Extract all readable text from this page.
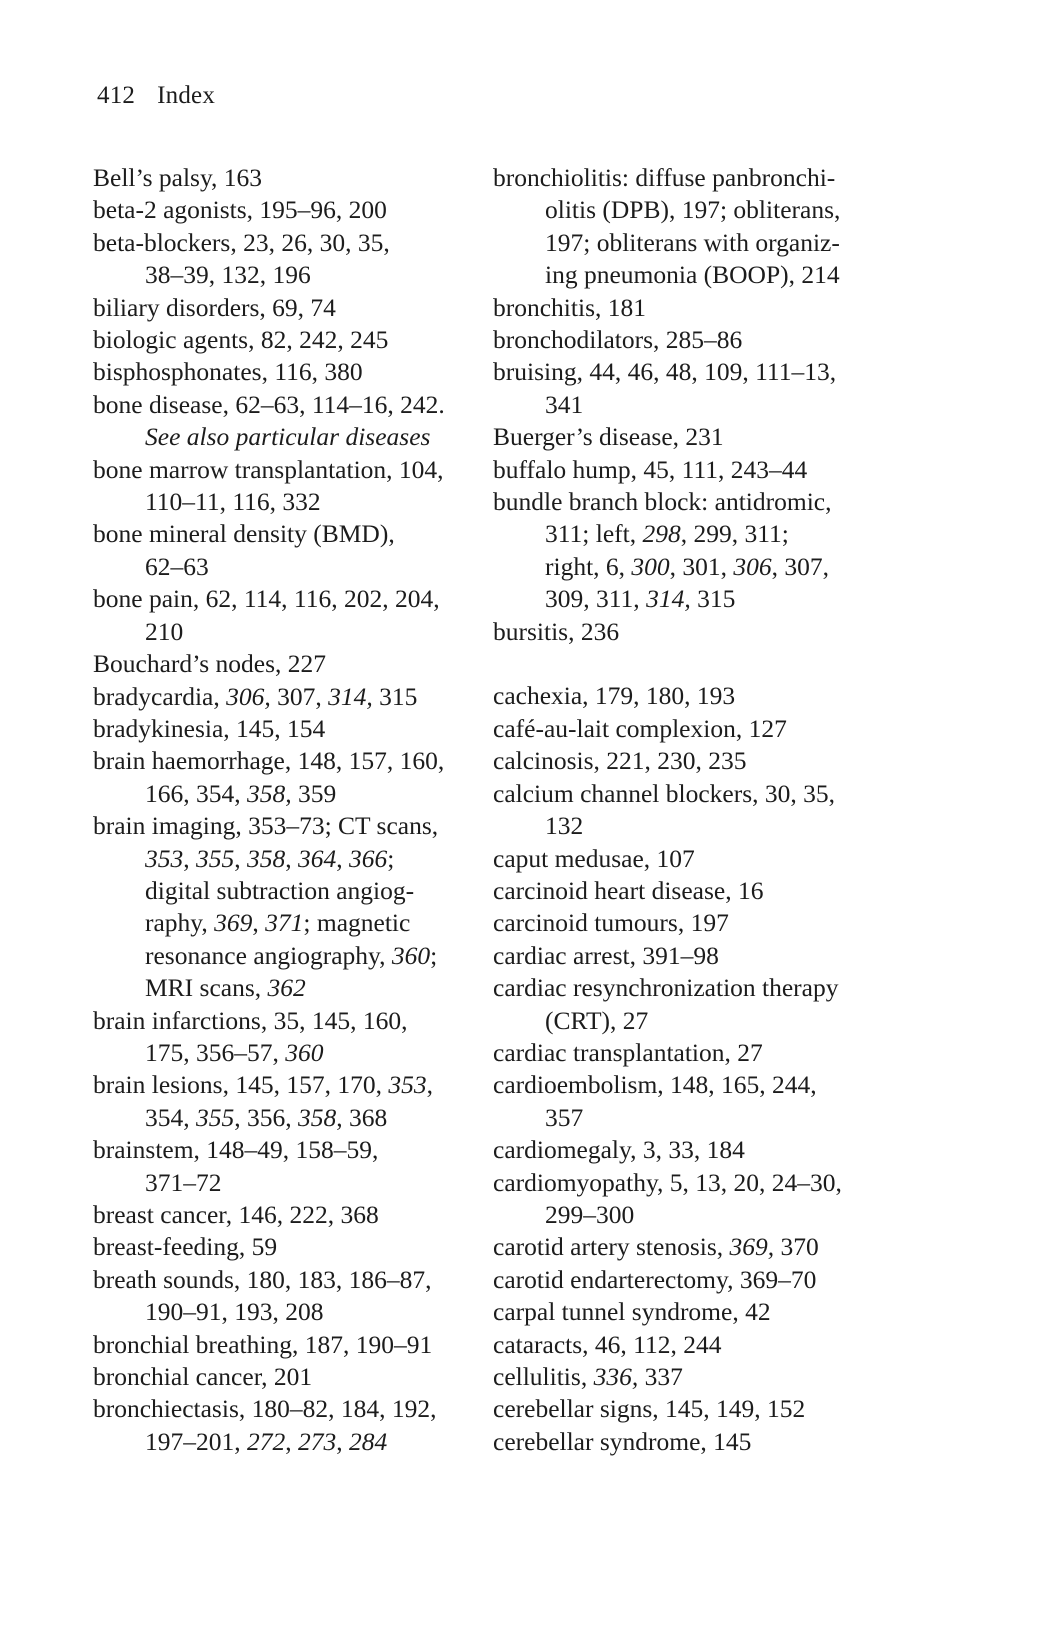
412 Index
Bell’s palsy, 163
beta-2 agonists, 195–96, 200
beta-blockers, 23, 26, 30, 35,
38–39, 132, 196
biliary disorders, 69, 74
biologic agents, 82, 242, 245
bisphosphonates, 116, 380
bone disease, 62–63, 114–16, 242.
See also particular diseases
bone marrow transplantation, 104,
110–11, 116, 332
bone mineral density (BMD),
62–63
bone pain, 62, 114, 116, 202, 204,
210
Bouchard’s nodes, 227
bradycardia, 306, 307, 314, 315
bradykinesia, 145, 154
brain haemorrhage, 148, 157, 160,
166, 354, 358, 359
brain imaging, 353–73; CT scans,
353, 355, 358, 364, 366;
digital subtraction angiog-
raphy, 369, 371; magnetic
resonance angiography, 360;
MRI scans, 362
brain infarctions, 35, 145, 160,
175, 356–57, 360
brain lesions, 145, 157, 170, 353,
354, 355, 356, 358, 368
brainstem, 148–49, 158–59,
371–72
breast cancer, 146, 222, 368
breast-feeding, 59
breath sounds, 180, 183, 186–87,
190–91, 193, 208
bronchial breathing, 187, 190–91
bronchial cancer, 201
bronchiectasis, 180–82, 184, 192,
197–201, 272, 273, 284
bronchiolitis: diffuse panbronchi-
olitis (DPB), 197; obliterans,
197; obliterans with organiz-
ing pneumonia (BOOP), 214
bronchitis, 181
bronchodilators, 285–86
bruising, 44, 46, 48, 109, 111–13,
341
Buerger’s disease, 231
buffalo hump, 45, 111, 243–44
bundle branch block: antidromic,
311; left, 298, 299, 311;
right, 6, 300, 301, 306, 307,
309, 311, 314, 315
bursitis, 236
cachexia, 179, 180, 193
café-au-lait complexion, 127
calcinosis, 221, 230, 235
calcium channel blockers, 30, 35,
132
caput medusae, 107
carcinoid heart disease, 16
carcinoid tumours, 197
cardiac arrest, 391–98
cardiac resynchronization therapy
(CRT), 27
cardiac transplantation, 27
cardioembolism, 148, 165, 244,
357
cardiomegaly, 3, 33, 184
cardiomyopathy, 5, 13, 20, 24–30,
299–300
carotid artery stenosis, 369, 370
carotid endarterectomy, 369–70
carpal tunnel syndrome, 42
cataracts, 46, 112, 244
cellulitis, 336, 337
cerebellar signs, 145, 149, 152
cerebellar syndrome, 145
